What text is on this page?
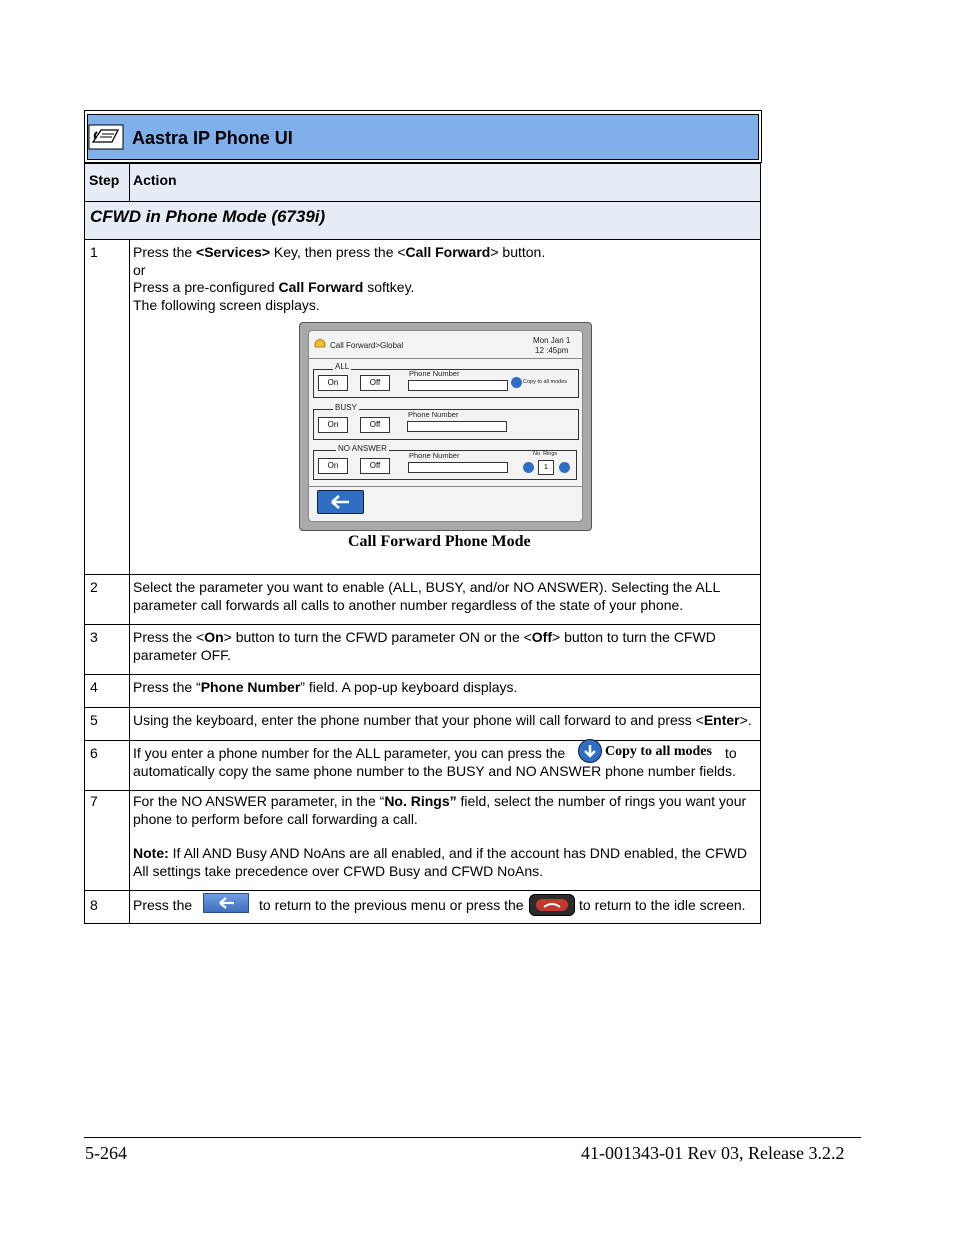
Aastra IP Phone UI
Step Action
CFWD in Phone Mode (6739i)
1	Press the <Services> Key, then press the <Call Forward> button.
or
Press a pre-configured Call Forward softkey.
The following screen displays.
Call Forward>Global
Mon Jan 1
12 :45pm
ALL
On	Off
Phone Number
Copy to all modes
BUSY
On	Off
Phone Number
NO ANSWER
On	Off
Phone Number	No. Rings
1
Call Forward Phone Mode
2	Select the parameter you want to enable (ALL, BUSY, and/or NO ANSWER). Selecting the ALL
parameter call forwards all calls to another number regardless of the state of your phone.
3	Press the <On> button to turn the CFWD parameter ON or the <Off> button to turn the CFWD
parameter OFF.
4	Press the “Phone Number” field. A pop-up keyboard displays.
5	Using the keyboard, enter the phone number that your phone will call forward to and press <Enter>.
6	If you enter a phone number for the ALL parameter, you can press the	Copy to all modes to
automatically copy the same phone number to the BUSY and NO ANSWER phone number fields.
7	For the NO ANSWER parameter, in the “No. Rings” field, select the number of rings you want your
phone to perform before call forwarding a call.
Note: If All AND Busy AND NoAns are all enabled, and if the account has DND enabled, the CFWD
All settings take precedence over CFWD Busy and CFWD NoAns.
8	Press the	to return to the previous menu or press the	to return to the idle screen.
5-264	41-001343-01 Rev 03, Release 3.2.2
